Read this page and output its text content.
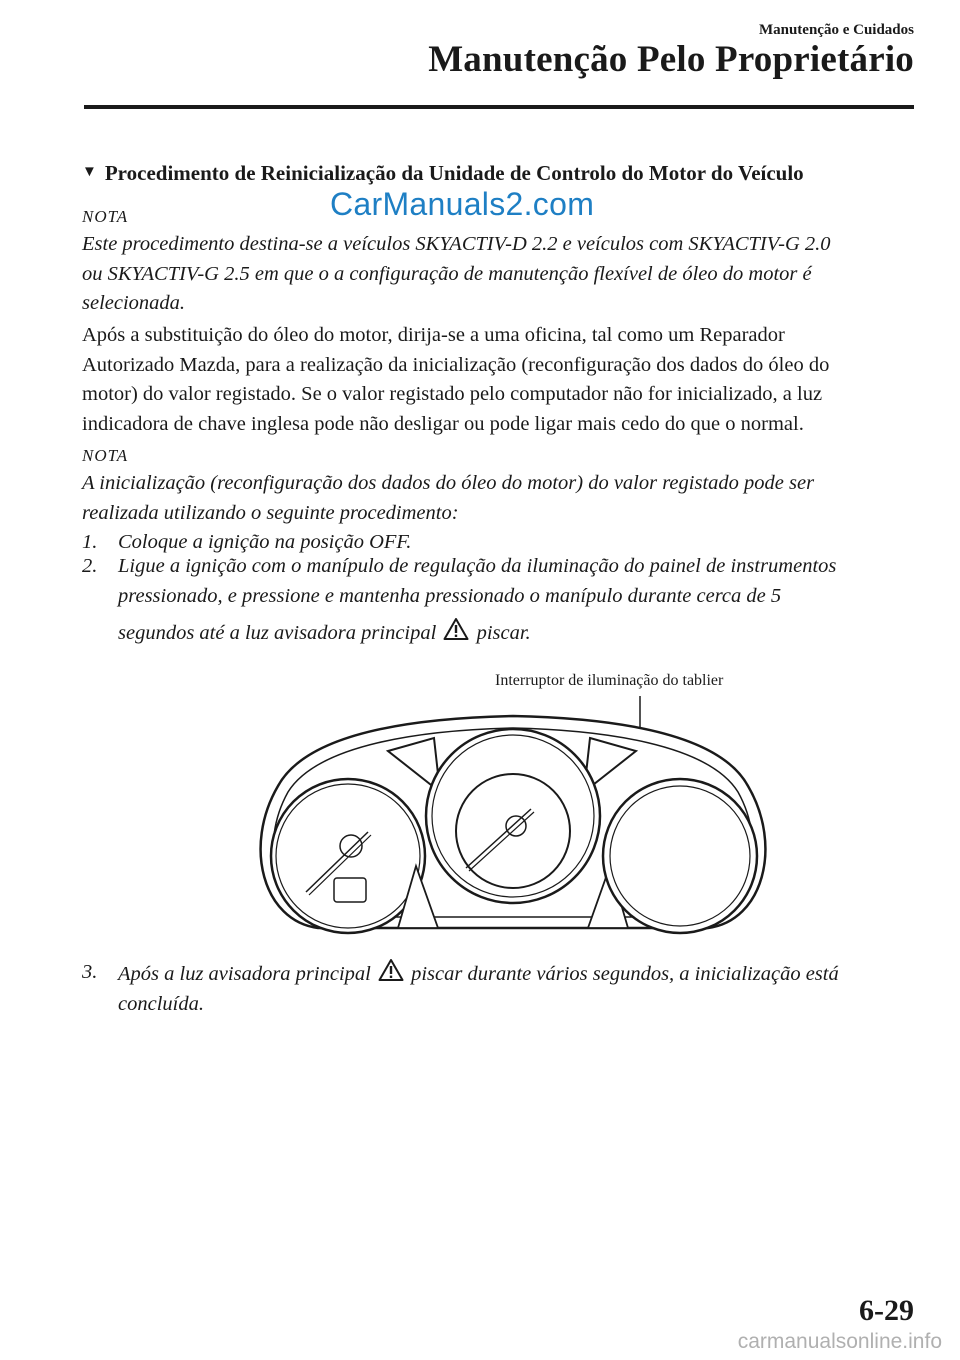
Manutenção e Cuidados
Manutenção Pelo Proprietário
▼ Procedimento de Reinicialização da Unidade de Controlo do Motor do Veículo
CarManuals2.com
NOTA
Este procedimento destina-se a veículos SKYACTIV-D 2.2 e veículos com SKYACTIV-G 2.0
ou SKYACTIV-G 2.5 em que o a configuração de manutenção flexível de óleo do motor é
selecionada.
Após a substituição do óleo do motor, dirija-se a uma oficina, tal como um Reparador
Autorizado Mazda, para a realização da inicialização (reconfiguração dos dados do óleo do
motor) do valor registado. Se o valor registado pelo computador não for inicializado, a luz
indicadora de chave inglesa pode não desligar ou pode ligar mais cedo do que o normal.
NOTA
A inicialização (reconfiguração dos dados do óleo do motor) do valor registado pode ser
realizada utilizando o seguinte procedimento:
1. Coloque a ignição na posição OFF.
2. Ligue a ignição com o manípulo de regulação da iluminação do painel de instrumentos
pressionado, e pressione e mantenha pressionado o manípulo durante cerca de 5
segundos até a luz avisadora principal piscar.
Interruptor de iluminação do tablier
3. Após a luz avisadora principal piscar durante vários segundos, a inicialização está
concluída.
6-29
carmanualsonline.info
